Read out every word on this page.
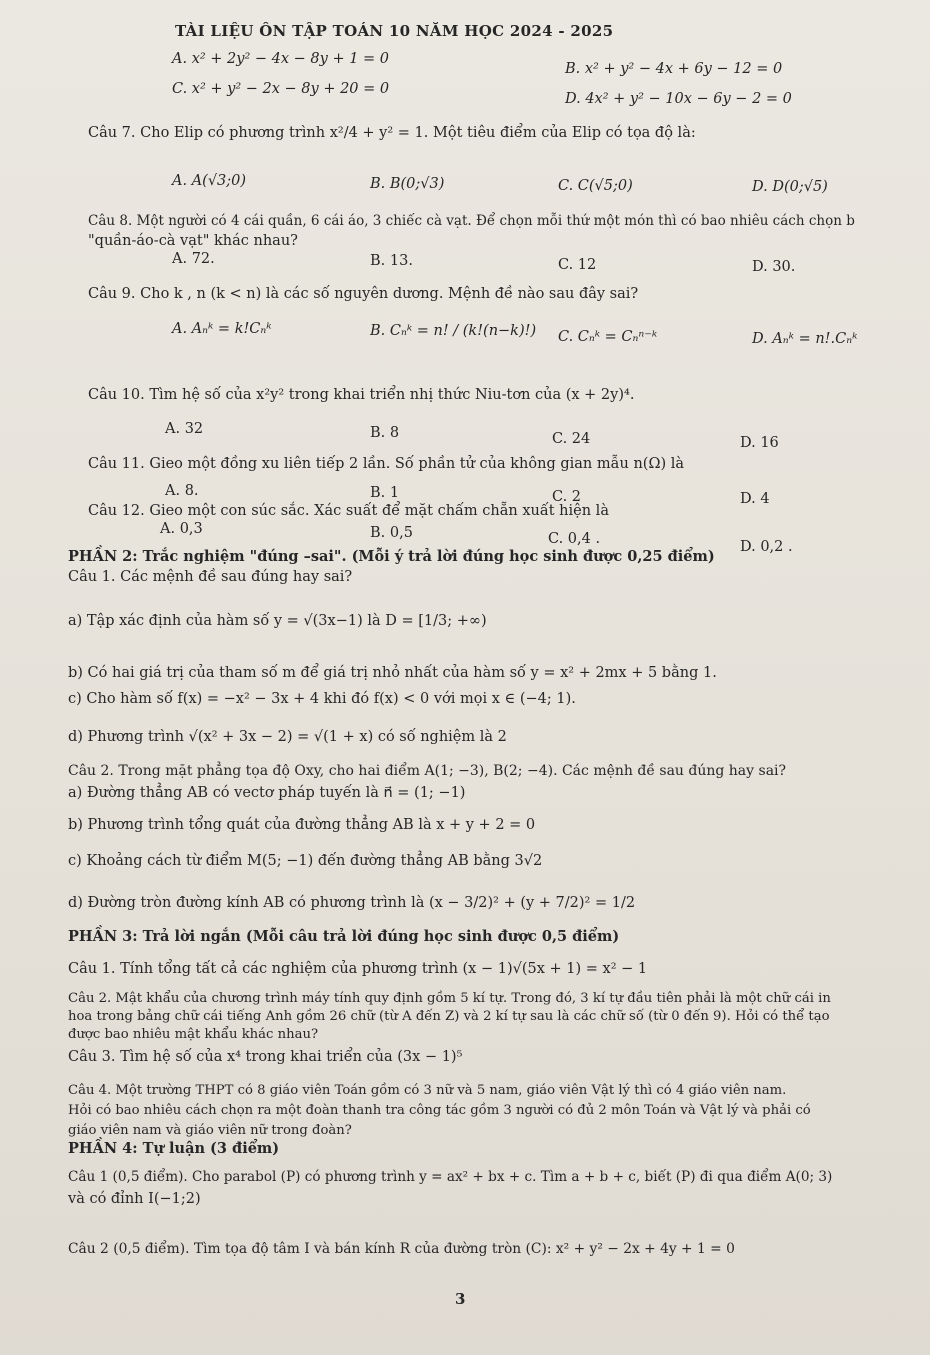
TÀI LIỆU ÔN TẬP TOÁN 10 NĂM HỌC 2024 - 2025
A. x² + 2y² − 4x − 8y + 1 = 0
B. x² + y² − 4x + 6y − 12 = 0
C. x² + y² − 2x − 8y + 20 = 0
D. 4x² + y² − 10x − 6y − 2 = 0
Câu 7. Cho Elip có phương trình x²/4 + y² = 1. Một tiêu điểm của Elip có tọa độ là:
A. A(√3;0)	B. B(0;√3)	C. C(√5;0)	D. D(0;√5)
Câu 8. Một người có 4 cái quần, 6 cái áo, 3 chiếc cà vạt. Để chọn mỗi thứ một món thì có bao nhiêu cách chọn b
"quần-áo-cà vạt" khác nhau?
A. 72.	B. 13.	C. 12	D. 30.
Câu 9. Cho k , n (k < n) là các số nguyên dương. Mệnh đề nào sau đây sai?
A. Aₙᵏ = k!Cₙᵏ	B. Cₙᵏ = n! / (k!(n−k)!) C. Cₙᵏ = Cₙⁿ⁻ᵏ	D. Aₙᵏ = n!.Cₙᵏ
Câu 10. Tìm hệ số của x²y² trong khai triển nhị thức Niu-tơn của (x + 2y)⁴.
A. 32	B. 8	C. 24	D. 16
Câu 11. Gieo một đồng xu liên tiếp 2 lần. Số phần tử của không gian mẫu n(Ω) là
A. 8.	B. 1	C. 2	D. 4
Câu 12. Gieo một con súc sắc. Xác suất để mặt chấm chẵn xuất hiện là
A. 0,3	B. 0,5	C. 0,4 .	D. 0,2 .
PHẦN 2: Trắc nghiệm "đúng –sai". (Mỗi ý trả lời đúng học sinh được 0,25 điểm)
Câu 1. Các mệnh đề sau đúng hay sai?
a) Tập xác định của hàm số y = √(3x−1) là D = [1/3; +∞)
b) Có hai giá trị của tham số m để giá trị nhỏ nhất của hàm số y = x² + 2mx + 5 bằng 1.
c) Cho hàm số f(x) = −x² − 3x + 4 khi đó f(x) < 0 với mọi x ∈ (−4; 1).
d) Phương trình √(x² + 3x − 2) = √(1 + x) có số nghiệm là 2
Câu 2. Trong mặt phẳng tọa độ Oxy, cho hai điểm A(1; −3), B(2; −4). Các mệnh đề sau đúng hay sai?
a) Đường thẳng AB có vectơ pháp tuyến là n⃗ = (1; −1)
b) Phương trình tổng quát của đường thẳng AB là x + y + 2 = 0
c) Khoảng cách từ điểm M(5; −1) đến đường thẳng AB bằng 3√2
d) Đường tròn đường kính AB có phương trình là (x − 3/2)² + (y + 7/2)² = 1/2
PHẦN 3: Trả lời ngắn (Mỗi câu trả lời đúng học sinh được 0,5 điểm)
Câu 1. Tính tổng tất cả các nghiệm của phương trình (x − 1)√(5x + 1) = x² − 1
Câu 2. Mật khẩu của chương trình máy tính quy định gồm 5 kí tự. Trong đó, 3 kí tự đầu tiên phải là một chữ cái in
hoa trong bảng chữ cái tiếng Anh gồm 26 chữ (từ A đến Z) và 2 kí tự sau là các chữ số (từ 0 đến 9). Hỏi có thể tạo
được bao nhiêu mật khẩu khác nhau?
Câu 3. Tìm hệ số của x⁴ trong khai triển của (3x − 1)⁵
Câu 4. Một trường THPT có 8 giáo viên Toán gồm có 3 nữ và 5 nam, giáo viên Vật lý thì có 4 giáo viên nam.
Hỏi có bao nhiêu cách chọn ra một đoàn thanh tra công tác gồm 3 người có đủ 2 môn Toán và Vật lý và phải có
giáo viên nam và giáo viên nữ trong đoàn?
PHẦN 4: Tự luận (3 điểm)
Câu 1 (0,5 điểm). Cho parabol (P) có phương trình y = ax² + bx + c. Tìm a + b + c, biết (P) đi qua điểm A(0; 3)
và có đỉnh I(−1;2)
Câu 2 (0,5 điểm). Tìm tọa độ tâm I và bán kính R của đường tròn (C): x² + y² − 2x + 4y + 1 = 0
3
